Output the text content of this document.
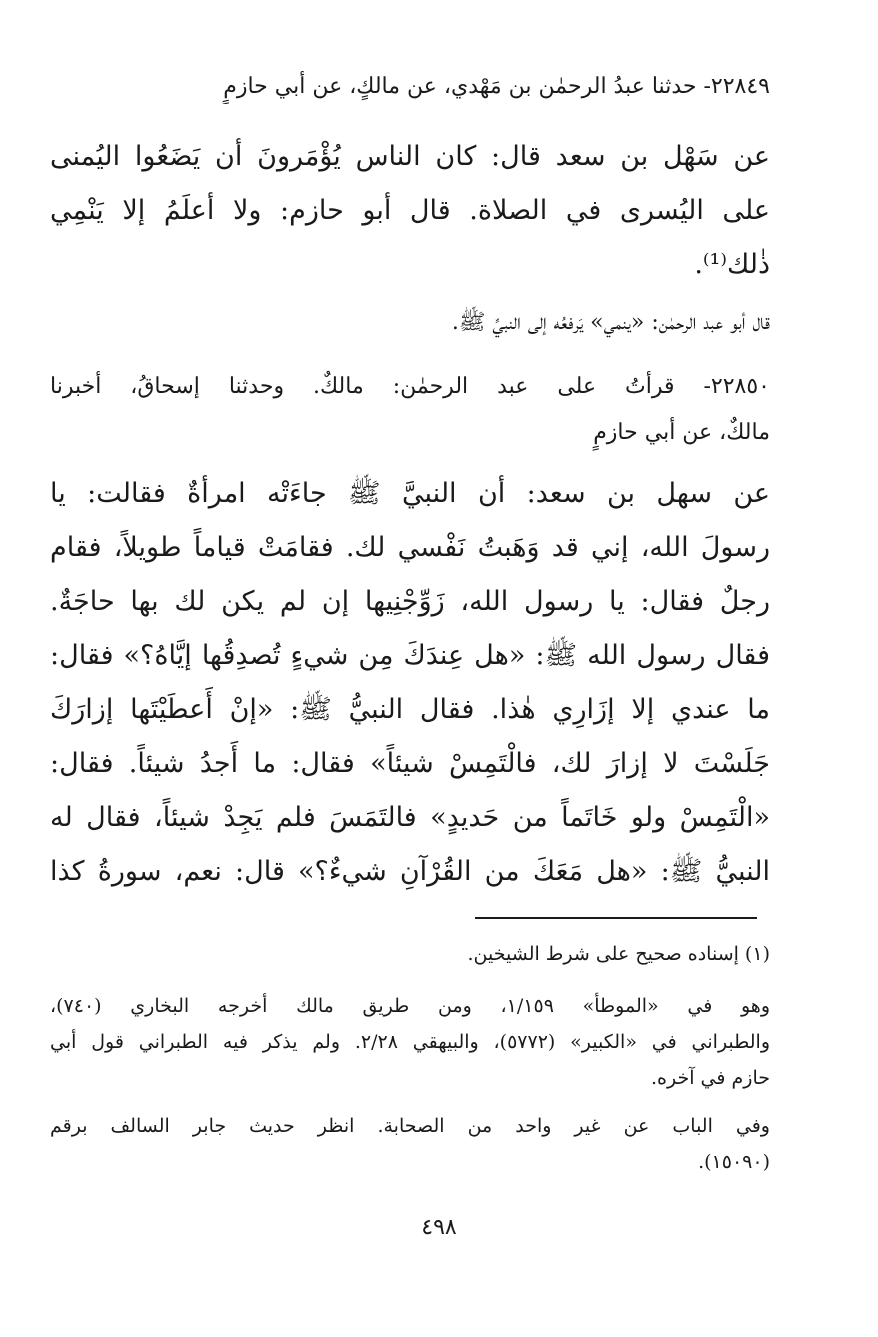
٢٢٨٤٩- حدثنا عبدُ الرحمٰن بن مَهْدي، عن مالكٍ، عن أبي حازمٍ
عن سَهْل بن سعد قال: كان الناس يُؤْمَرونَ أن يَضَعُوا اليُمنى
على اليُسرى في الصلاة. قال أبو حازم: ولا أعلَمُ إلا يَنْمِي
ذٰلك⁽¹⁾.
قال أبو عبد الرحمٰن: «ينمي» يَرفعُه إلى النبيِّ ﷺ.
٢٢٨٥٠- قرأتُ على عبد الرحمٰن: مالكٌ. وحدثنا إسحاقُ، أخبرنا
مالكٌ، عن أبي حازمٍ
عن سهل بن سعد: أن النبيَّ ﷺ جاءَتْه امرأةٌ فقالت: يا
رسولَ الله، إني قد وَهَبتُ نَفْسي لك. فقامَتْ قياماً طويلاً، فقام
رجلٌ فقال: يا رسول الله، زَوِّجْنِيها إن لم يكن لك بها حاجَةٌ.
فقال رسول الله ﷺ: «هل عِندَكَ مِن شيءٍ تُصدِقُها إيَّاهُ؟» فقال:
ما عندي إلا إزَارِي هٰذا. فقال النبيُّ ﷺ: «إنْ أَعطَيْتَها إزارَكَ
جَلَسْتَ لا إزارَ لك، فالْتَمِسْ شيئاً» فقال: ما أَجدُ شيئاً. فقال:
«الْتَمِسْ ولو خَاتَماً من حَديدٍ» فالتَمَسَ فلم يَجِدْ شيئاً، فقال له
النبيُّ ﷺ: «هل مَعَكَ من القُرْآنِ شيءٌ؟» قال: نعم، سورةُ كذا
(١) إسناده صحيح على شرط الشيخين.
وهو في «الموطأ» ١/١٥٩، ومن طريق مالك أخرجه البخاري (٧٤٠)،
والطبراني في «الكبير» (٥٧٧٢)، والبيهقي ٢/٢٨. ولم يذكر فيه الطبراني قول أبي
حازم في آخره.
وفي الباب عن غير واحد من الصحابة. انظر حديث جابر السالف برقم
(١٥٠٩٠).
٤٩٨
